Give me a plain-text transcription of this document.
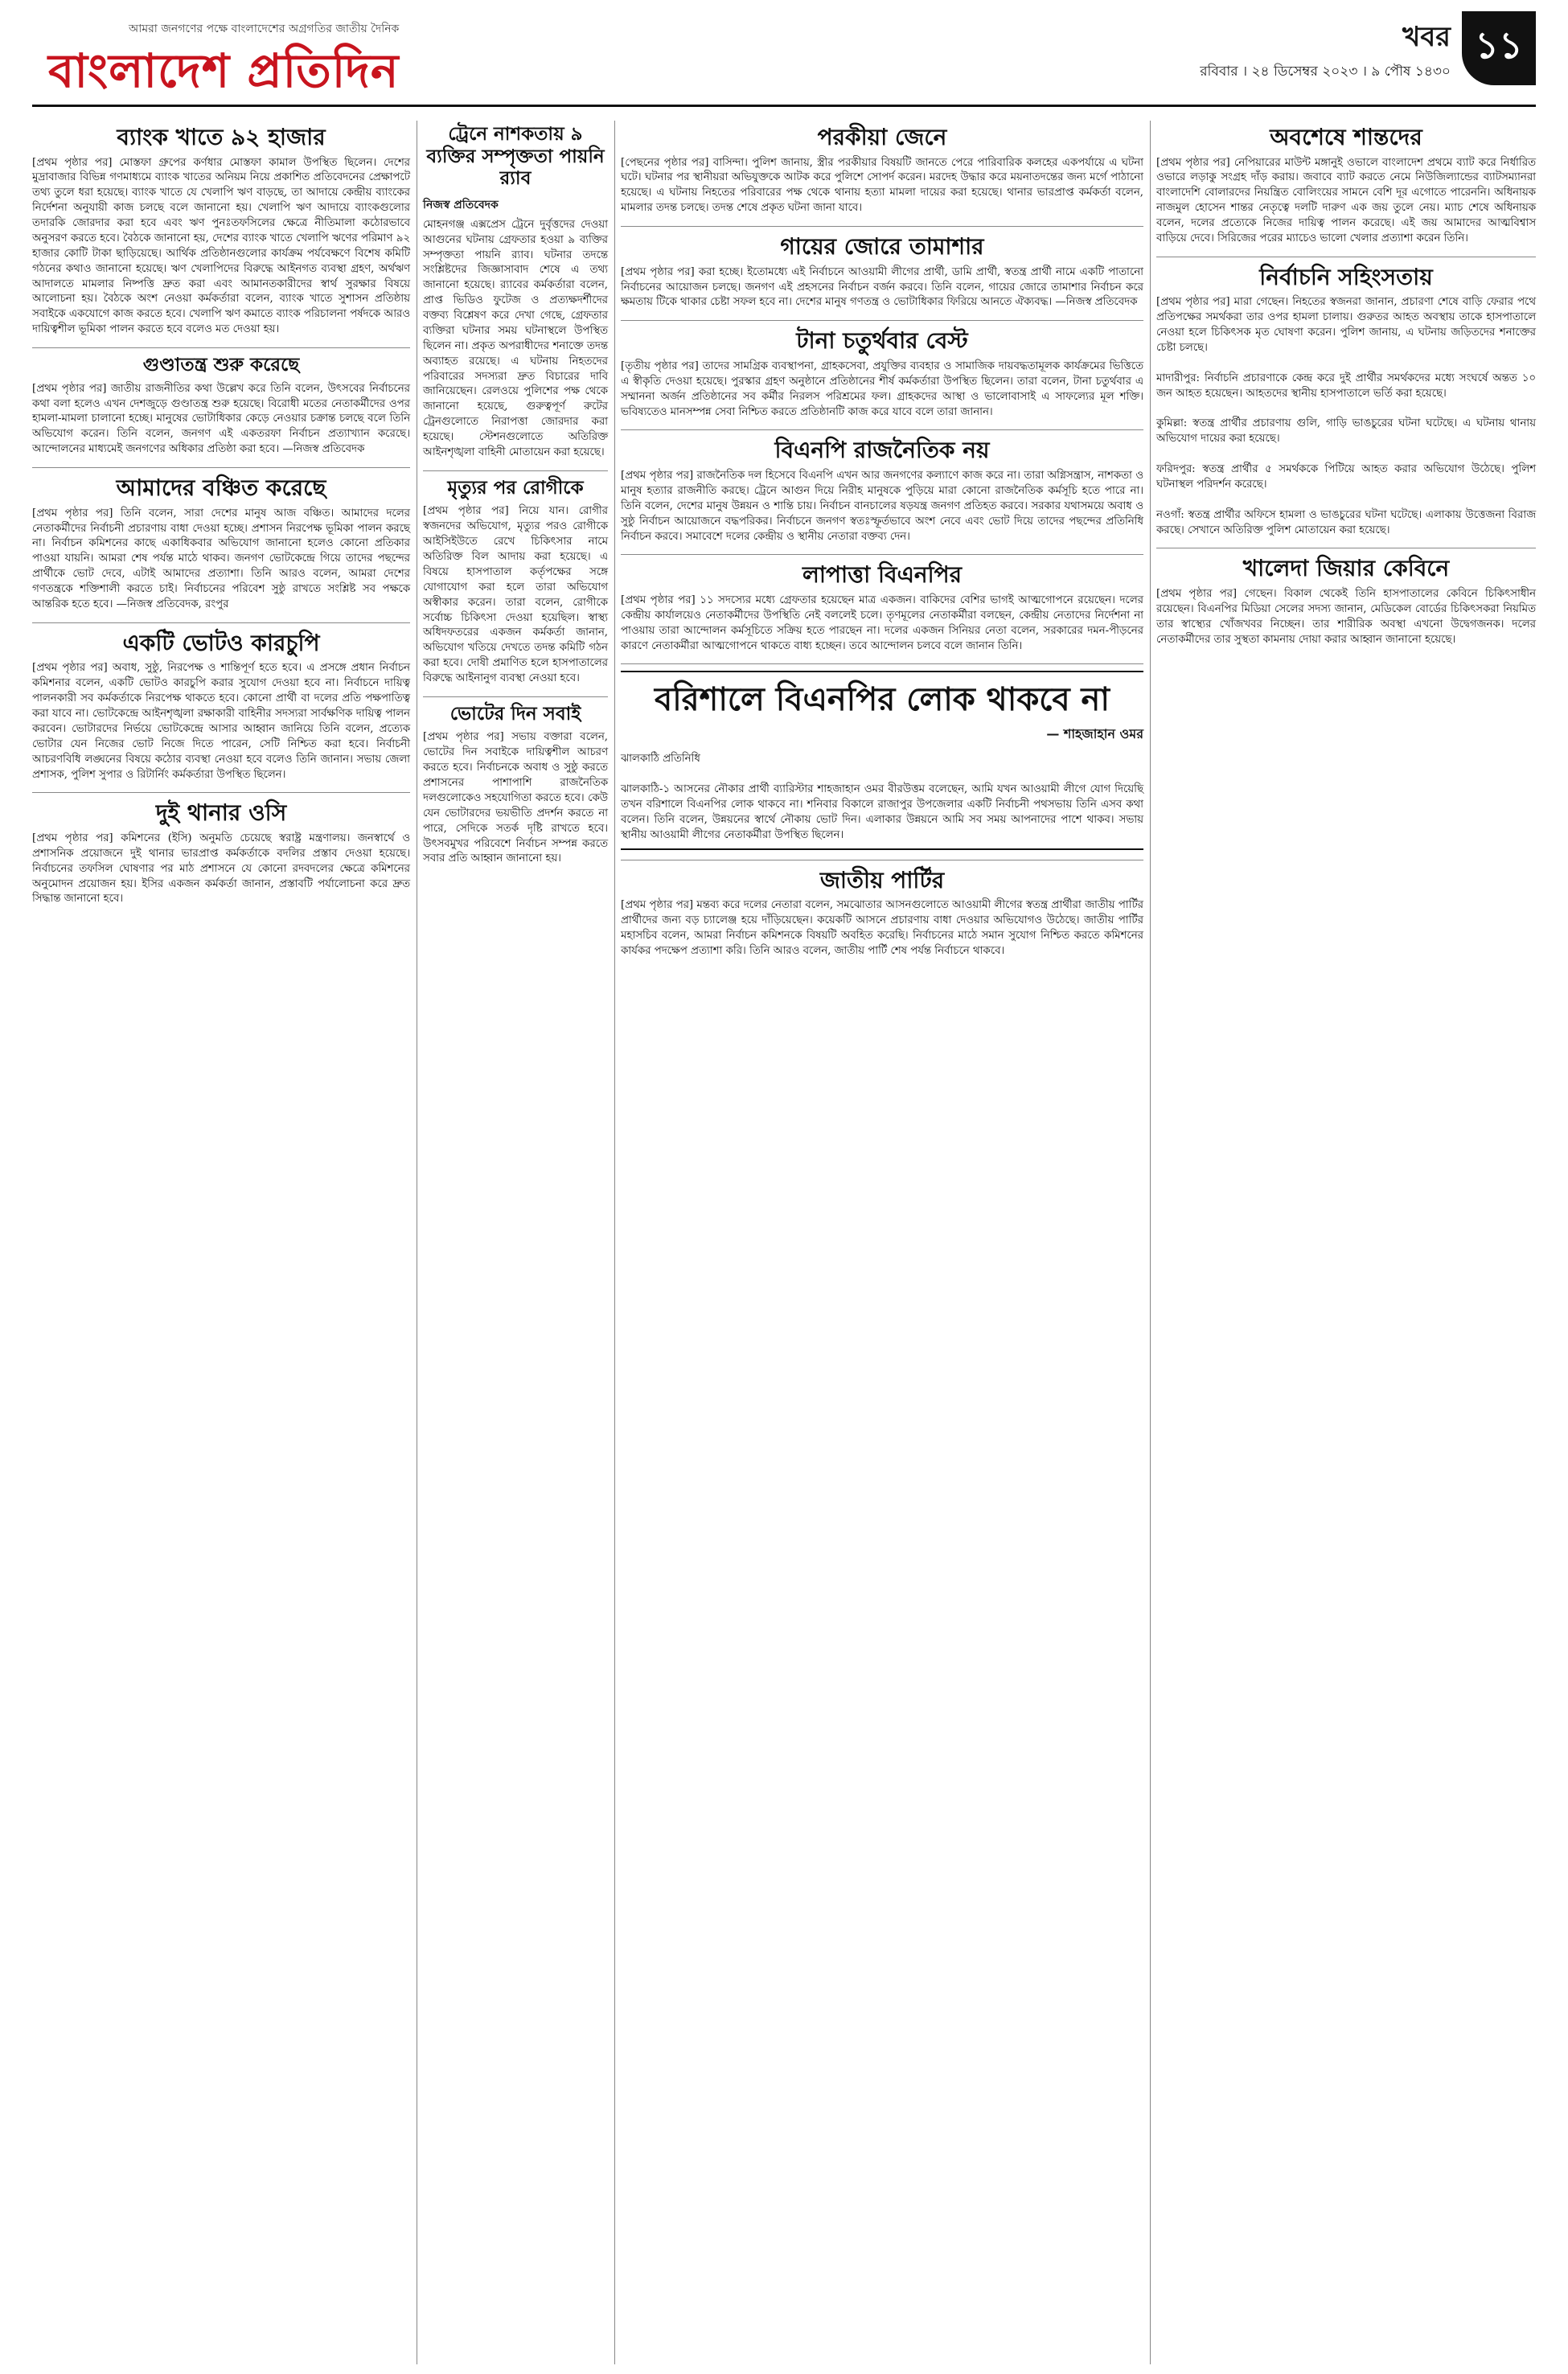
আমরা জনগণের পক্ষে বাংলাদেশের অগ্রগতির জাতীয় দৈনিক
বাংলাদেশ প্রতিদিন
খবর ১১
রবিবার । ২৪ ডিসেম্বর ২০২৩ । ৯ পৌষ ১৪৩০
ব্যাংক খাতে ৯২ হাজার

[প্রথম পৃষ্ঠার পর] মোস্তফা গ্রুপের কর্ণধার মোস্তফা কামাল উপস্থিত ছিলেন। দেশের মুদ্রাবাজার বিভিন্ন গণমাধ্যমে ব্যাংক খাতের অনিয়ম নিয়ে প্রকাশিত প্রতিবেদনের প্রেক্ষাপটে তথ্য তুলে ধরা হয়েছে। ব্যাংক খাতে যে খেলাপি ঋণ বাড়ছে, তা আদায়ে কেন্দ্রীয় ব্যাংকের নির্দেশনা অনুযায়ী কাজ চলছে বলে জানানো হয়। খেলাপি ঋণ আদায়ে ব্যাংকগুলোর তদারকি জোরদার করা হবে এবং ঋণ পুনঃতফসিলের ক্ষেত্রে নীতিমালা কঠোরভাবে অনুসরণ করতে হবে। বৈঠকে জানানো হয়, দেশের ব্যাংক খাতে খেলাপি ঋণের পরিমাণ ৯২ হাজার কোটি টাকা ছাড়িয়েছে। আর্থিক প্রতিষ্ঠানগুলোর কার্যক্রম পর্যবেক্ষণে বিশেষ কমিটি গঠনের কথাও জানানো হয়েছে। ঋণ খেলাপিদের বিরুদ্ধে আইনগত ব্যবস্থা গ্রহণ, অর্থঋণ আদালতে মামলার নিষ্পত্তি দ্রুত করা এবং আমানতকারীদের স্বার্থ সুরক্ষার বিষয়ে আলোচনা হয়। বৈঠকে অংশ নেওয়া কর্মকর্তারা বলেন, ব্যাংক খাতে সুশাসন প্রতিষ্ঠায় সবাইকে একযোগে কাজ করতে হবে। খেলাপি ঋণ কমাতে ব্যাংক পরিচালনা পর্ষদকে আরও দায়িত্বশীল ভূমিকা পালন করতে হবে বলেও মত দেওয়া হয়।

গুণ্ডাতন্ত্র শুরু করেছে

[প্রথম পৃষ্ঠার পর] জাতীয় রাজনীতির কথা উল্লেখ করে তিনি বলেন, উৎসবের নির্বাচনের কথা বলা হলেও এখন দেশজুড়ে গুণ্ডাতন্ত্র শুরু হয়েছে। বিরোধী মতের নেতাকর্মীদের ওপর হামলা-মামলা চালানো হচ্ছে। মানুষের ভোটাধিকার কেড়ে নেওয়ার চক্রান্ত চলছে বলে তিনি অভিযোগ করেন। তিনি বলেন, জনগণ এই একতরফা নির্বাচন প্রত্যাখ্যান করেছে। আন্দোলনের মাধ্যমেই জনগণের অধিকার প্রতিষ্ঠা করা হবে। —নিজস্ব প্রতিবেদক

আমাদের বঞ্চিত করেছে

[প্রথম পৃষ্ঠার পর] তিনি বলেন, সারা দেশের মানুষ আজ বঞ্চিত। আমাদের দলের নেতাকর্মীদের নির্বাচনী প্রচারণায় বাধা দেওয়া হচ্ছে। প্রশাসন নিরপেক্ষ ভূমিকা পালন করছে না। নির্বাচন কমিশনের কাছে একাধিকবার অভিযোগ জানানো হলেও কোনো প্রতিকার পাওয়া যায়নি। আমরা শেষ পর্যন্ত মাঠে থাকব। জনগণ ভোটকেন্দ্রে গিয়ে তাদের পছন্দের প্রার্থীকে ভোট দেবে, এটাই আমাদের প্রত্যাশা। তিনি আরও বলেন, আমরা দেশের গণতন্ত্রকে শক্তিশালী করতে চাই। নির্বাচনের পরিবেশ সুষ্ঠু রাখতে সংশ্লিষ্ট সব পক্ষকে আন্তরিক হতে হবে। —নিজস্ব প্রতিবেদক, রংপুর

একটি ভোটও কারচুপি

[প্রথম পৃষ্ঠার পর] অবাধ, সুষ্ঠু, নিরপেক্ষ ও শান্তিপূর্ণ হতে হবে। এ প্রসঙ্গে প্রধান নির্বাচন কমিশনার বলেন, একটি ভোটও কারচুপি করার সুযোগ দেওয়া হবে না। নির্বাচনে দায়িত্ব পালনকারী সব কর্মকর্তাকে নিরপেক্ষ থাকতে হবে। কোনো প্রার্থী বা দলের প্রতি পক্ষপাতিত্ব করা যাবে না। ভোটকেন্দ্রে আইনশৃঙ্খলা রক্ষাকারী বাহিনীর সদস্যরা সার্বক্ষণিক দায়িত্ব পালন করবেন। ভোটারদের নির্ভয়ে ভোটকেন্দ্রে আসার আহ্বান জানিয়ে তিনি বলেন, প্রত্যেক ভোটার যেন নিজের ভোট নিজে দিতে পারেন, সেটি নিশ্চিত করা হবে। নির্বাচনী আচরণবিধি লঙ্ঘনের বিষয়ে কঠোর ব্যবস্থা নেওয়া হবে বলেও তিনি জানান। সভায় জেলা প্রশাসক, পুলিশ সুপার ও রিটার্নিং কর্মকর্তারা উপস্থিত ছিলেন।

দুই থানার ওসি

[প্রথম পৃষ্ঠার পর] কমিশনের (ইসি) অনুমতি চেয়েছে স্বরাষ্ট্র মন্ত্রণালয়। জনস্বার্থে ও প্রশাসনিক প্রয়োজনে দুই থানার ভারপ্রাপ্ত কর্মকর্তাকে বদলির প্রস্তাব দেওয়া হয়েছে। নির্বাচনের তফসিল ঘোষণার পর মাঠ প্রশাসনে যে কোনো রদবদলের ক্ষেত্রে কমিশনের অনুমোদন প্রয়োজন হয়। ইসির একজন কর্মকর্তা জানান, প্রস্তাবটি পর্যালোচনা করে দ্রুত সিদ্ধান্ত জানানো হবে।

ট্রেনে নাশকতায় ৯ ব্যক্তির সম্পৃক্ততা পায়নি র‍্যাব
নিজস্ব প্রতিবেদক

মোহনগঞ্জ এক্সপ্রেস ট্রেনে দুর্বৃত্তদের দেওয়া আগুনের ঘটনায় গ্রেফতার হওয়া ৯ ব্যক্তির সম্পৃক্ততা পায়নি র‍্যাব। ঘটনার তদন্তে সংশ্লিষ্টদের জিজ্ঞাসাবাদ শেষে এ তথ্য জানানো হয়েছে। র‍্যাবের কর্মকর্তারা বলেন, প্রাপ্ত ভিডিও ফুটেজ ও প্রত্যক্ষদর্শীদের বক্তব্য বিশ্লেষণ করে দেখা গেছে, গ্রেফতার ব্যক্তিরা ঘটনার সময় ঘটনাস্থলে উপস্থিত ছিলেন না। প্রকৃত অপরাধীদের শনাক্তে তদন্ত অব্যাহত রয়েছে। এ ঘটনায় নিহতদের পরিবারের সদস্যরা দ্রুত বিচারের দাবি জানিয়েছেন। রেলওয়ে পুলিশের পক্ষ থেকে জানানো হয়েছে, গুরুত্বপূর্ণ রুটের ট্রেনগুলোতে নিরাপত্তা জোরদার করা হয়েছে। স্টেশনগুলোতে অতিরিক্ত আইনশৃঙ্খলা বাহিনী মোতায়েন করা হয়েছে।

মৃত্যুর পর রোগীকে

[প্রথম পৃষ্ঠার পর] নিয়ে যান। রোগীর স্বজনদের অভিযোগ, মৃত্যুর পরও রোগীকে আইসিইউতে রেখে চিকিৎসার নামে অতিরিক্ত বিল আদায় করা হয়েছে। এ বিষয়ে হাসপাতাল কর্তৃপক্ষের সঙ্গে যোগাযোগ করা হলে তারা অভিযোগ অস্বীকার করেন। তারা বলেন, রোগীকে সর্বোচ্চ চিকিৎসা দেওয়া হয়েছিল। স্বাস্থ্য অধিদফতরের একজন কর্মকর্তা জানান, অভিযোগ খতিয়ে দেখতে তদন্ত কমিটি গঠন করা হবে। দোষী প্রমাণিত হলে হাসপাতালের বিরুদ্ধে আইনানুগ ব্যবস্থা নেওয়া হবে।

ভোটের দিন সবাই

[প্রথম পৃষ্ঠার পর] সভায় বক্তারা বলেন, ভোটের দিন সবাইকে দায়িত্বশীল আচরণ করতে হবে। নির্বাচনকে অবাধ ও সুষ্ঠু করতে প্রশাসনের পাশাপাশি রাজনৈতিক দলগুলোকেও সহযোগিতা করতে হবে। কেউ যেন ভোটারদের ভয়ভীতি প্রদর্শন করতে না পারে, সেদিকে সতর্ক দৃষ্টি রাখতে হবে। উৎসবমুখর পরিবেশে নির্বাচন সম্পন্ন করতে সবার প্রতি আহ্বান জানানো হয়।

পরকীয়া জেনে

[পেছনের পৃষ্ঠার পর] বাসিন্দা। পুলিশ জানায়, স্ত্রীর পরকীয়ার বিষয়টি জানতে পেরে পারিবারিক কলহের একপর্যায়ে এ ঘটনা ঘটে। ঘটনার পর স্থানীয়রা অভিযুক্তকে আটক করে পুলিশে সোপর্দ করেন। মরদেহ উদ্ধার করে ময়নাতদন্তের জন্য মর্গে পাঠানো হয়েছে। এ ঘটনায় নিহতের পরিবারের পক্ষ থেকে থানায় হত্যা মামলা দায়ের করা হয়েছে। থানার ভারপ্রাপ্ত কর্মকর্তা বলেন, মামলার তদন্ত চলছে। তদন্ত শেষে প্রকৃত ঘটনা জানা যাবে।

গায়ের জোরে তামাশার

[প্রথম পৃষ্ঠার পর] করা হচ্ছে। ইতোমধ্যে এই নির্বাচনে আওয়ামী লীগের প্রার্থী, ডামি প্রার্থী, স্বতন্ত্র প্রার্থী নামে একটি পাতানো নির্বাচনের আয়োজন চলছে। জনগণ এই প্রহসনের নির্বাচন বর্জন করবে। তিনি বলেন, গায়ের জোরে তামাশার নির্বাচন করে ক্ষমতায় টিকে থাকার চেষ্টা সফল হবে না। দেশের মানুষ গণতন্ত্র ও ভোটাধিকার ফিরিয়ে আনতে ঐক্যবদ্ধ। —নিজস্ব প্রতিবেদক

টানা চতুর্থবার বেস্ট

[তৃতীয় পৃষ্ঠার পর] তাদের সামগ্রিক ব্যবস্থাপনা, গ্রাহকসেবা, প্রযুক্তির ব্যবহার ও সামাজিক দায়বদ্ধতামূলক কার্যক্রমের ভিত্তিতে এ স্বীকৃতি দেওয়া হয়েছে। পুরস্কার গ্রহণ অনুষ্ঠানে প্রতিষ্ঠানের শীর্ষ কর্মকর্তারা উপস্থিত ছিলেন। তারা বলেন, টানা চতুর্থবার এ সম্মাননা অর্জন প্রতিষ্ঠানের সব কর্মীর নিরলস পরিশ্রমের ফল। গ্রাহকদের আস্থা ও ভালোবাসাই এ সাফল্যের মূল শক্তি। ভবিষ্যতেও মানসম্পন্ন সেবা নিশ্চিত করতে প্রতিষ্ঠানটি কাজ করে যাবে বলে তারা জানান।

বিএনপি রাজনৈতিক নয়

[প্রথম পৃষ্ঠার পর] রাজনৈতিক দল হিসেবে বিএনপি এখন আর জনগণের কল্যাণে কাজ করে না। তারা অগ্নিসন্ত্রাস, নাশকতা ও মানুষ হত্যার রাজনীতি করছে। ট্রেনে আগুন দিয়ে নিরীহ মানুষকে পুড়িয়ে মারা কোনো রাজনৈতিক কর্মসূচি হতে পারে না। তিনি বলেন, দেশের মানুষ উন্নয়ন ও শান্তি চায়। নির্বাচন বানচালের ষড়যন্ত্র জনগণ প্রতিহত করবে। সরকার যথাসময়ে অবাধ ও সুষ্ঠু নির্বাচন আয়োজনে বদ্ধপরিকর। নির্বাচনে জনগণ স্বতঃস্ফূর্তভাবে অংশ নেবে এবং ভোট দিয়ে তাদের পছন্দের প্রতিনিধি নির্বাচন করবে। সমাবেশে দলের কেন্দ্রীয় ও স্থানীয় নেতারা বক্তব্য দেন।

লাপাত্তা বিএনপির

[প্রথম পৃষ্ঠার পর] ১১ সদস্যের মধ্যে গ্রেফতার হয়েছেন মাত্র একজন। বাকিদের বেশির ভাগই আত্মগোপনে রয়েছেন। দলের কেন্দ্রীয় কার্যালয়েও নেতাকর্মীদের উপস্থিতি নেই বললেই চলে। তৃণমূলের নেতাকর্মীরা বলছেন, কেন্দ্রীয় নেতাদের নির্দেশনা না পাওয়ায় তারা আন্দোলন কর্মসূচিতে সক্রিয় হতে পারছেন না। দলের একজন সিনিয়র নেতা বলেন, সরকারের দমন-পীড়নের কারণে নেতাকর্মীরা আত্মগোপনে থাকতে বাধ্য হচ্ছেন। তবে আন্দোলন চলবে বলে জানান তিনি।

বরিশালে বিএনপির লোক থাকবে না
— শাহজাহান ওমর

ঝালকাঠি প্রতিনিধি

ঝালকাঠি-১ আসনের নৌকার প্রার্থী ব্যারিস্টার শাহজাহান ওমর বীরউত্তম বলেছেন, আমি যখন আওয়ামী লীগে যোগ দিয়েছি তখন বরিশালে বিএনপির লোক থাকবে না। শনিবার বিকালে রাজাপুর উপজেলার একটি নির্বাচনী পথসভায় তিনি এসব কথা বলেন। তিনি বলেন, উন্নয়নের স্বার্থে নৌকায় ভোট দিন। এলাকার উন্নয়নে আমি সব সময় আপনাদের পাশে থাকব। সভায় স্থানীয় আওয়ামী লীগের নেতাকর্মীরা উপস্থিত ছিলেন।

জাতীয় পার্টির

[প্রথম পৃষ্ঠার পর] মন্তব্য করে দলের নেতারা বলেন, সমঝোতার আসনগুলোতে আওয়ামী লীগের স্বতন্ত্র প্রার্থীরা জাতীয় পার্টির প্রার্থীদের জন্য বড় চ্যালেঞ্জ হয়ে দাঁড়িয়েছেন। কয়েকটি আসনে প্রচারণায় বাধা দেওয়ার অভিযোগও উঠেছে। জাতীয় পার্টির মহাসচিব বলেন, আমরা নির্বাচন কমিশনকে বিষয়টি অবহিত করেছি। নির্বাচনের মাঠে সমান সুযোগ নিশ্চিত করতে কমিশনের কার্যকর পদক্ষেপ প্রত্যাশা করি। তিনি আরও বলেন, জাতীয় পার্টি শেষ পর্যন্ত নির্বাচনে থাকবে।

অবশেষে শান্তদের

[প্রথম পৃষ্ঠার পর] নেপিয়ারের মাউন্ট মঙ্গানুই ওভালে বাংলাদেশ প্রথমে ব্যাট করে নির্ধারিত ওভারে লড়াকু সংগ্রহ দাঁড় করায়। জবাবে ব্যাট করতে নেমে নিউজিল্যান্ডের ব্যাটসম্যানরা বাংলাদেশি বোলারদের নিয়ন্ত্রিত বোলিংয়ের সামনে বেশি দূর এগোতে পারেননি। অধিনায়ক নাজমুল হোসেন শান্তর নেতৃত্বে দলটি দারুণ এক জয় তুলে নেয়। ম্যাচ শেষে অধিনায়ক বলেন, দলের প্রত্যেকে নিজের দায়িত্ব পালন করেছে। এই জয় আমাদের আত্মবিশ্বাস বাড়িয়ে দেবে। সিরিজের পরের ম্যাচেও ভালো খেলার প্রত্যাশা করেন তিনি।

নির্বাচনি সহিংসতায়

[প্রথম পৃষ্ঠার পর] মারা গেছেন। নিহতের স্বজনরা জানান, প্রচারণা শেষে বাড়ি ফেরার পথে প্রতিপক্ষের সমর্থকরা তার ওপর হামলা চালায়। গুরুতর আহত অবস্থায় তাকে হাসপাতালে নেওয়া হলে চিকিৎসক মৃত ঘোষণা করেন। পুলিশ জানায়, এ ঘটনায় জড়িতদের শনাক্তের চেষ্টা চলছে।

মাদারীপুর: নির্বাচনি প্রচারণাকে কেন্দ্র করে দুই প্রার্থীর সমর্থকদের মধ্যে সংঘর্ষে অন্তত ১০ জন আহত হয়েছেন। আহতদের স্থানীয় হাসপাতালে ভর্তি করা হয়েছে।

কুমিল্লা: স্বতন্ত্র প্রার্থীর প্রচারণায় গুলি, গাড়ি ভাঙচুরের ঘটনা ঘটেছে। এ ঘটনায় থানায় অভিযোগ দায়ের করা হয়েছে।

ফরিদপুর: স্বতন্ত্র প্রার্থীর ৫ সমর্থককে পিটিয়ে আহত করার অভিযোগ উঠেছে। পুলিশ ঘটনাস্থল পরিদর্শন করেছে।

নওগাঁ: স্বতন্ত্র প্রার্থীর অফিসে হামলা ও ভাঙচুরের ঘটনা ঘটেছে। এলাকায় উত্তেজনা বিরাজ করছে। সেখানে অতিরিক্ত পুলিশ মোতায়েন করা হয়েছে।

খালেদা জিয়ার কেবিনে

[প্রথম পৃষ্ঠার পর] গেছেন। বিকাল থেকেই তিনি হাসপাতালের কেবিনে চিকিৎসাধীন রয়েছেন। বিএনপির মিডিয়া সেলের সদস্য জানান, মেডিকেল বোর্ডের চিকিৎসকরা নিয়মিত তার স্বাস্থ্যের খোঁজখবর নিচ্ছেন। তার শারীরিক অবস্থা এখনো উদ্বেগজনক। দলের নেতাকর্মীদের তার সুস্থতা কামনায় দোয়া করার আহ্বান জানানো হয়েছে।
